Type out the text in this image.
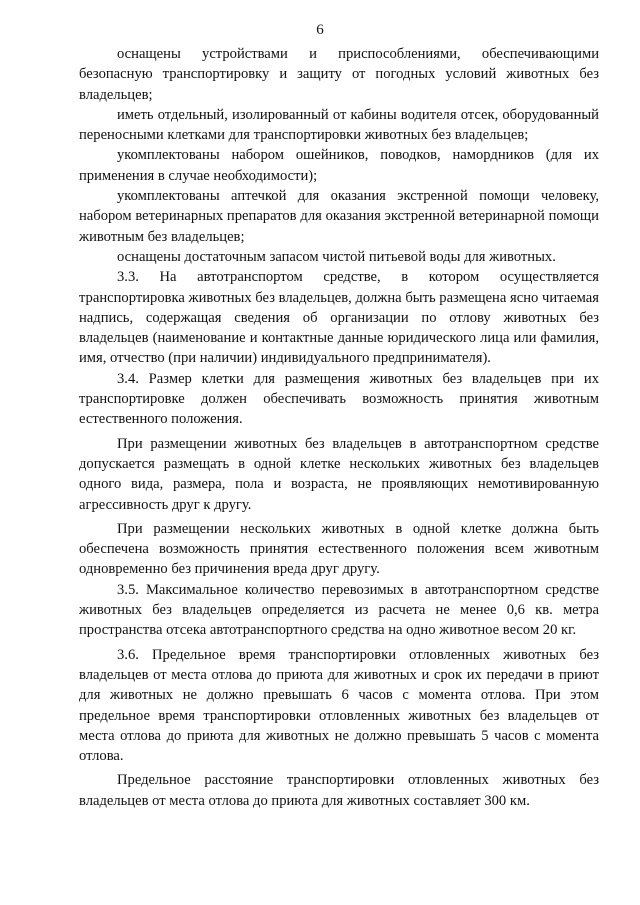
6

оснащены устройствами и приспособлениями, обеспечивающими безопасную транспортировку и защиту от погодных условий животных без владельцев;

иметь отдельный, изолированный от кабины водителя отсек, оборудованный переносными клетками для транспортировки животных без владельцев;

укомплектованы набором ошейников, поводков, намордников (для их применения в случае необходимости);

укомплектованы аптечкой для оказания экстренной помощи человеку, набором ветеринарных препаратов для оказания экстренной ветеринарной помощи животным без владельцев;

оснащены достаточным запасом чистой питьевой воды для животных.

3.3. На автотранспортом средстве, в котором осуществляется транспортировка животных без владельцев, должна быть размещена ясно читаемая надпись, содержащая сведения об организации по отлову животных без владельцев (наименование и контактные данные юридического лица или фамилия, имя, отчество (при наличии) индивидуального предпринимателя).

3.4. Размер клетки для размещения животных без владельцев при их транспортировке должен обеспечивать возможность принятия животным естественного положения.

При размещении животных без владельцев в автотранспортном средстве допускается размещать в одной клетке нескольких животных без владельцев одного вида, размера, пола и возраста, не проявляющих немотивированную агрессивность друг к другу.

При размещении нескольких животных в одной клетке должна быть обеспечена возможность принятия естественного положения всем животным одновременно без причинения вреда друг другу.

3.5. Максимальное количество перевозимых в автотранспортном средстве животных без владельцев определяется из расчета не менее 0,6 кв. метра пространства отсека автотранспортного средства на одно животное весом 20 кг.

3.6. Предельное время транспортировки отловленных животных без владельцев от места отлова до приюта для животных и срок их передачи в приют для животных не должно превышать 6 часов с момента отлова. При этом предельное время транспортировки отловленных животных без владельцев от места отлова до приюта для животных не должно превышать 5 часов с момента отлова.

Предельное расстояние транспортировки отловленных животных без владельцев от места отлова до приюта для животных составляет 300 км.
